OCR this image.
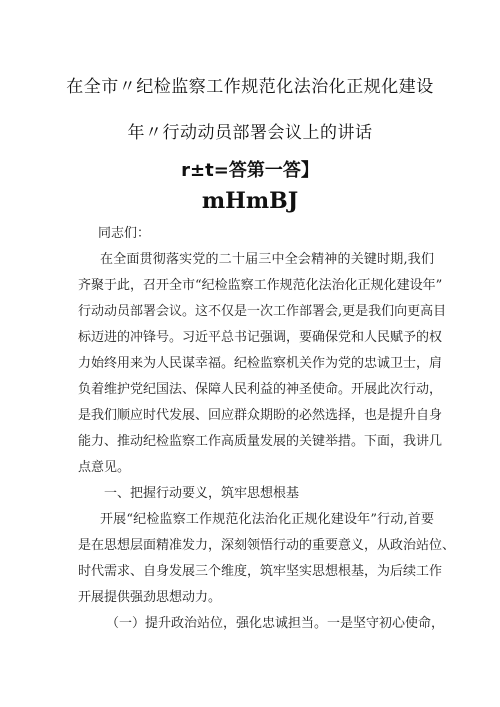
在全市〃纪检监察工作规范化法治化正规化建设
年〃行动动员部署会议上的讲话
r±t=答第一答】
mHmBJ
同志们：
在全面贯彻落实党的二十届三中全会精神的关键时期,我们
齐聚于此，召开全市“纪检监察工作规范化法治化正规化建设年”
行动动员部署会议。这不仅是一次工作部署会,更是我们向更高目
标迈进的冲锋号。习近平总书记强调，要确保党和人民赋予的权
力始终用来为人民谋幸福。纪检监察机关作为党的忠诚卫士，肩
负着维护党纪国法、保障人民利益的神圣使命。开展此次行动，
是我们顺应时代发展、回应群众期盼的必然选择，也是提升自身
能力、推动纪检监察工作高质量发展的关键举措。下面，我讲几
点意见。
一、把握行动要义，筑牢思想根基
开展“纪检监察工作规范化法治化正规化建设年”行动,首要
是在思想层面精准发力，深刻领悟行动的重要意义，从政治站位、
时代需求、自身发展三个维度，筑牢坚实思想根基，为后续工作
开展提供强劲思想动力。
（一）提升政治站位，强化忠诚担当。一是坚守初心使命，
